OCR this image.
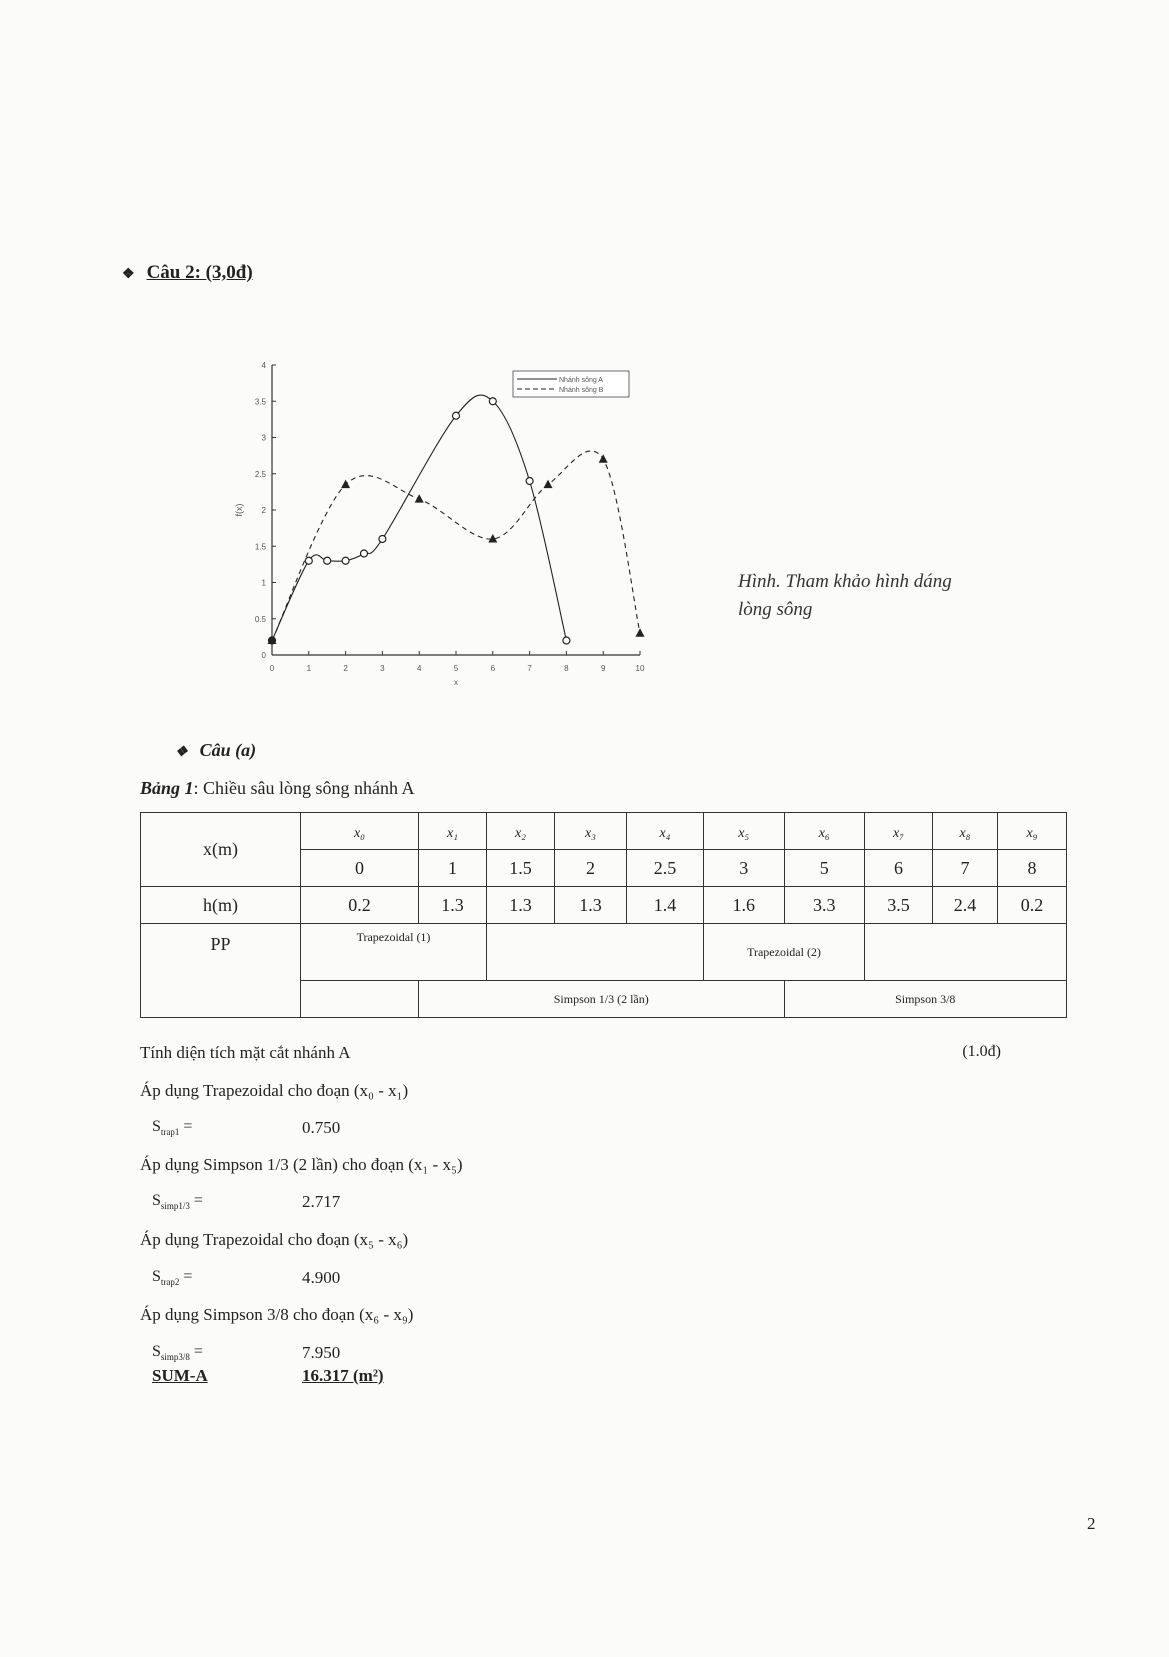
❖ Câu 2: (3,0đ)
0	1	2	3	4	5	6	7	8	9	10
0
0.5
1
1.5
2
2.5
3
3.5
4
x
f(x)
Nhánh sông A
Nhánh sông B
Hình. Tham khảo hình dáng lòng sông
❖ Câu (a)
Bảng 1: Chiều sâu lòng sông nhánh A
x(m)	x₀	x₁	x₂	x₃	x₄	x₅	x₆	x₇	x₈	x₉
	0	1	1.5	2	2.5	3	5	6	7	8
h(m)	0.2	1.3	1.3	1.3	1.4	1.6	3.3	3.5	2.4	0.2
PP	Trapezoidal (1)					Trapezoidal (2)				
		Simpson 1/3 (2 lần)					Simpson 3/8			
Tính diện tích mặt cắt nhánh A	(1.0đ)
Áp dụng Trapezoidal cho đoạn (x₀ - x₁)
$S_{trap1}$ =	0.750
Áp dụng Simpson 1/3 (2 lần) cho đoạn (x₁ - x₅)
$S_{simp1/3}$ =	2.717
Áp dụng Trapezoidal cho đoạn (x₅ - x₆)
$S_{trap2}$ =	4.900
Áp dụng Simpson 3/8 cho đoạn (x₆ - x₉)
$S_{simp3/8}$ =	7.950
SUM-A	16.317 (m²)
2
